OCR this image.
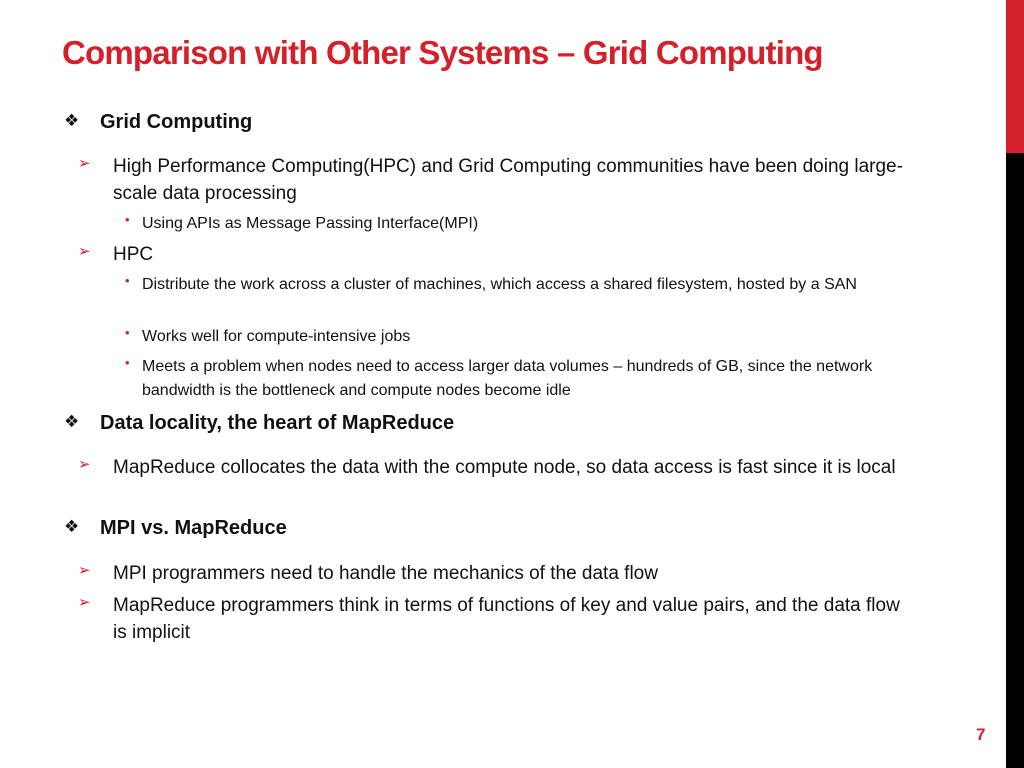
Comparison with Other Systems – Grid Computing
❖ Grid Computing
➢ High Performance Computing(HPC) and Grid Computing communities have been doing large-scale data processing
• Using APIs as Message Passing Interface(MPI)
➢ HPC
• Distribute the work across a cluster of machines, which access a shared filesystem, hosted by a SAN
• Works well for compute-intensive jobs
• Meets a problem when nodes need to access larger data volumes – hundreds of GB, since the network bandwidth is the bottleneck and compute nodes become idle
❖ Data locality, the heart of MapReduce
➢ MapReduce collocates the data with the compute node, so data access is fast since it is local
❖ MPI vs. MapReduce
➢ MPI programmers need to handle the mechanics of the data flow
➢ MapReduce programmers think in terms of functions of key and value pairs, and the data flow is implicit
7
